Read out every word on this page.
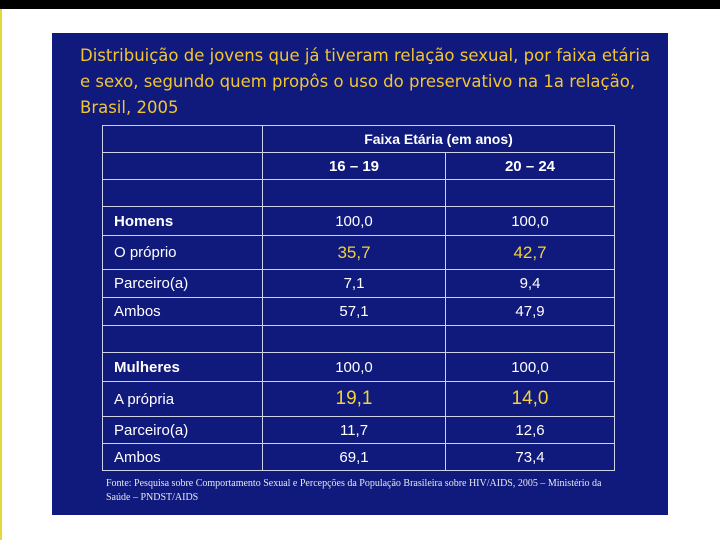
Distribuição de jovens que já tiveram relação sexual, por faixa etária e sexo, segundo quem propôs o uso do preservativo na 1a relação, Brasil, 2005
	Faixa Etária (em anos)	
	16 – 19	20 – 24

Homens	100,0	100,0
O próprio	35,7	42,7
Parceiro(a)	7,1	9,4
Ambos	57,1	47,9

Mulheres	100,0	100,0
A própria	19,1	14,0
Parceiro(a)	11,7	12,6
Ambos	69,1	73,4

Fonte: Pesquisa sobre Comportamento Sexual e Percepções da População Brasileira sobre HIV/AIDS, 2005 – Ministério da Saúde – PNDST/AIDS
